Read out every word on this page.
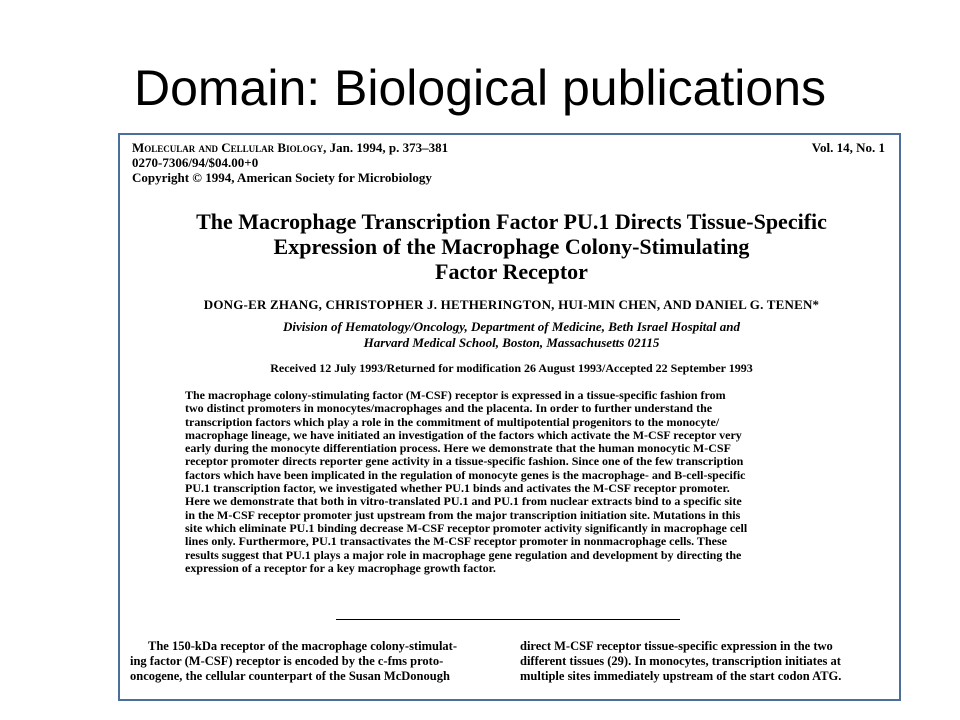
Domain: Biological publications
Molecular and Cellular Biology, Jan. 1994, p. 373–381
0270-7306/94/$04.00+0
Copyright © 1994, American Society for Microbiology
Vol. 14, No. 1
The Macrophage Transcription Factor PU.1 Directs Tissue-Specific
Expression of the Macrophage Colony-Stimulating
Factor Receptor
DONG-ER ZHANG, CHRISTOPHER J. HETHERINGTON, HUI-MIN CHEN, AND DANIEL G. TENEN*
Division of Hematology/Oncology, Department of Medicine, Beth Israel Hospital and
Harvard Medical School, Boston, Massachusetts 02115
Received 12 July 1993/Returned for modification 26 August 1993/Accepted 22 September 1993
The macrophage colony-stimulating factor (M-CSF) receptor is expressed in a tissue-specific fashion from
two distinct promoters in monocytes/macrophages and the placenta. In order to further understand the
transcription factors which play a role in the commitment of multipotential progenitors to the monocyte/
macrophage lineage, we have initiated an investigation of the factors which activate the M-CSF receptor very
early during the monocyte differentiation process. Here we demonstrate that the human monocytic M-CSF
receptor promoter directs reporter gene activity in a tissue-specific fashion. Since one of the few transcription
factors which have been implicated in the regulation of monocyte genes is the macrophage- and B-cell-specific
PU.1 transcription factor, we investigated whether PU.1 binds and activates the M-CSF receptor promoter.
Here we demonstrate that both in vitro-translated PU.1 and PU.1 from nuclear extracts bind to a specific site
in the M-CSF receptor promoter just upstream from the major transcription initiation site. Mutations in this
site which eliminate PU.1 binding decrease M-CSF receptor promoter activity significantly in macrophage cell
lines only. Furthermore, PU.1 transactivates the M-CSF receptor promoter in nonmacrophage cells. These
results suggest that PU.1 plays a major role in macrophage gene regulation and development by directing the
expression of a receptor for a key macrophage growth factor.
The 150-kDa receptor of the macrophage colony-stimulat-
ing factor (M-CSF) receptor is encoded by the c-fms proto-
oncogene, the cellular counterpart of the Susan McDonough
direct M-CSF receptor tissue-specific expression in the two
different tissues (29). In monocytes, transcription initiates at
multiple sites immediately upstream of the start codon ATG.
